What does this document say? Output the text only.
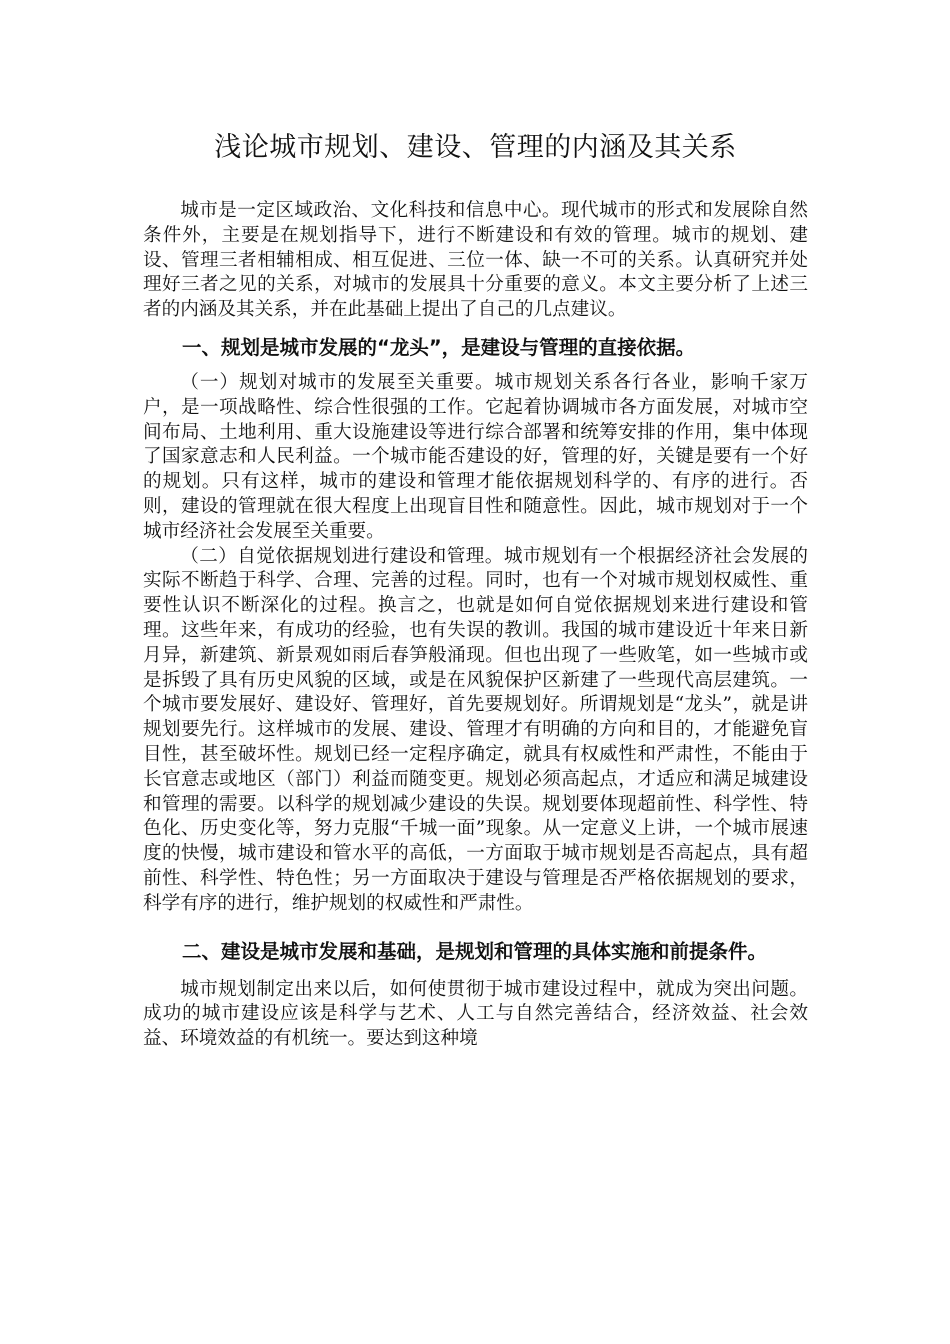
浅论城市规划、建设、管理的内涵及其关系

城市是一定区域政治、文化科技和信息中心。现代城市的形式和发展除自然条件外，主要是在规划指导下，进行不断建设和有效的管理。城市的规划、建设、管理三者相辅相成、相互促进、三位一体、缺一不可的关系。认真研究并处理好三者之见的关系，对城市的发展具十分重要的意义。本文主要分析了上述三者的内涵及其关系，并在此基础上提出了自己的几点建议。

一、规划是城市发展的“龙头”，是建设与管理的直接依据。

（一）规划对城市的发展至关重要。城市规划关系各行各业，影响千家万户，是一项战略性、综合性很强的工作。它起着协调城市各方面发展，对城市空间布局、土地利用、重大设施建设等进行综合部署和统筹安排的作用，集中体现了国家意志和人民利益。一个城市能否建设的好，管理的好，关键是要有一个好的规划。只有这样，城市的建设和管理才能依据规划科学的、有序的进行。否则，建设的管理就在很大程度上出现盲目性和随意性。因此，城市规划对于一个城市经济社会发展至关重要。

（二）自觉依据规划进行建设和管理。城市规划有一个根据经济社会发展的实际不断趋于科学、合理、完善的过程。同时，也有一个对城市规划权威性、重要性认识不断深化的过程。换言之，也就是如何自觉依据规划来进行建设和管理。这些年来，有成功的经验，也有失误的教训。我国的城市建设近十年来日新月异，新建筑、新景观如雨后春笋般涌现。但也出现了一些败笔，如一些城市或是拆毁了具有历史风貌的区域，或是在风貌保护区新建了一些现代高层建筑。一个城市要发展好、建设好、管理好，首先要规划好。所谓规划是“龙头”，就是讲规划要先行。这样城市的发展、建设、管理才有明确的方向和目的，才能避免盲目性，甚至破坏性。规划已经一定程序确定，就具有权威性和严肃性，不能由于长官意志或地区（部门）利益而随变更。规划必须高起点，才适应和满足城建设和管理的需要。以科学的规划减少建设的失误。规划要体现超前性、科学性、特色化、历史变化等，努力克服“千城一面”现象。从一定意义上讲，一个城市展速度的快慢，城市建设和管水平的高低，一方面取于城市规划是否高起点，具有超前性、科学性、特色性；另一方面取决于建设与管理是否严格依据规划的要求，科学有序的进行，维护规划的权威性和严肃性。

二、建设是城市发展和基础，是规划和管理的具体实施和前提条件。

城市规划制定出来以后，如何使贯彻于城市建设过程中，就成为突出问题。成功的城市建设应该是科学与艺术、人工与自然完善结合，经济效益、社会效益、环境效益的有机统一。要达到这种境
